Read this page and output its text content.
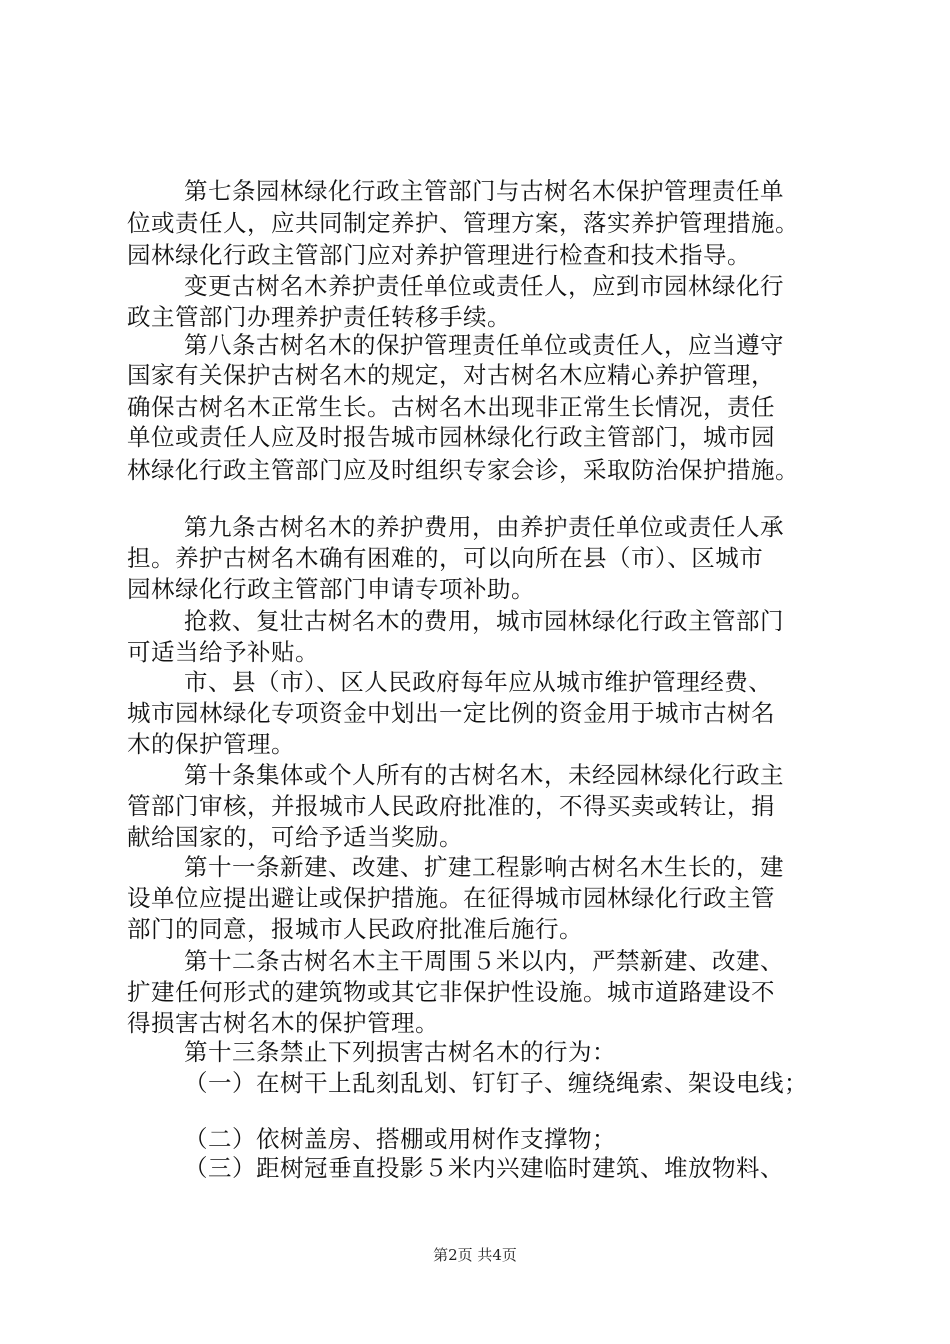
第七条园林绿化行政主管部门与古树名木保护管理责任单
位或责任人，应共同制定养护、管理方案，落实养护管理措施。
园林绿化行政主管部门应对养护管理进行检查和技术指导。
变更古树名木养护责任单位或责任人，应到市园林绿化行
政主管部门办理养护责任转移手续。
第八条古树名木的保护管理责任单位或责任人，应当遵守
国家有关保护古树名木的规定，对古树名木应精心养护管理，
确保古树名木正常生长。古树名木出现非正常生长情况，责任
单位或责任人应及时报告城市园林绿化行政主管部门，城市园
林绿化行政主管部门应及时组织专家会诊，采取防治保护措施。
第九条古树名木的养护费用，由养护责任单位或责任人承
担。养护古树名木确有困难的，可以向所在县（市）、区城市
园林绿化行政主管部门申请专项补助。
抢救、复壮古树名木的费用，城市园林绿化行政主管部门
可适当给予补贴。
市、县（市）、区人民政府每年应从城市维护管理经费、
城市园林绿化专项资金中划出一定比例的资金用于城市古树名
木的保护管理。
第十条集体或个人所有的古树名木，未经园林绿化行政主
管部门审核，并报城市人民政府批准的，不得买卖或转让，捐
献给国家的，可给予适当奖励。
第十一条新建、改建、扩建工程影响古树名木生长的，建
设单位应提出避让或保护措施。在征得城市园林绿化行政主管
部门的同意，报城市人民政府批准后施行。
第十二条古树名木主干周围５米以内，严禁新建、改建、
扩建任何形式的建筑物或其它非保护性设施。城市道路建设不
得损害古树名木的保护管理。
第十三条禁止下列损害古树名木的行为：
（一）在树干上乱刻乱划、钉钉子、缠绕绳索、架设电线；
（二）依树盖房、搭棚或用树作支撑物；
（三）距树冠垂直投影５米内兴建临时建筑、堆放物料、
第2页 共4页
